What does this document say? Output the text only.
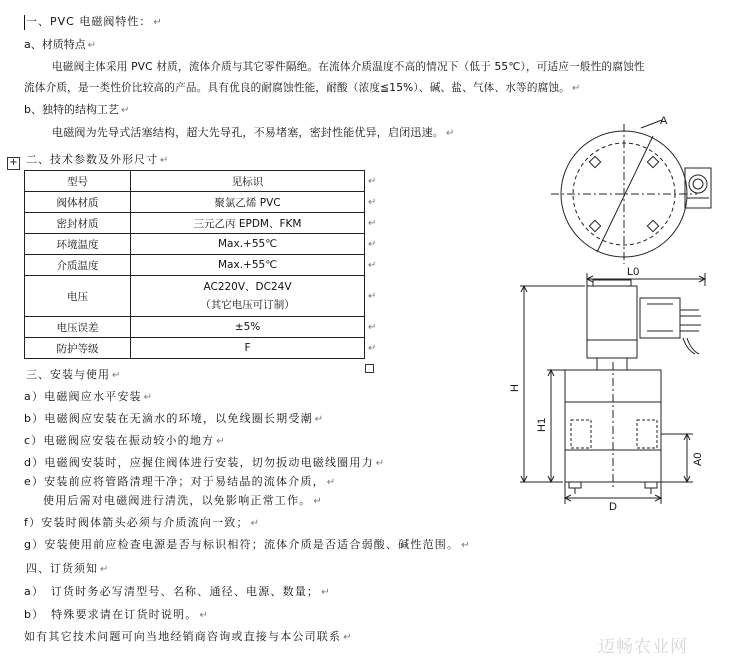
一、PVC 电磁阀特性： ↵
a、材质特点 ↵
电磁阀主体采用 PVC 材质，流体介质与其它零件隔绝。在流体介质温度不高的情况下（低于 55℃），可适应一般性的腐蚀性
流体介质，是一类性价比较高的产品。具有优良的耐腐蚀性能，耐酸（浓度≦15%）、碱、盐、气体、水等的腐蚀。 ↵
b、独特的结构工艺 ↵
电磁阀为先导式活塞结构，超大先导孔，不易堵塞，密封性能优异，启闭迅速。 ↵
+ 二、技术参数及外形尺寸 ↵
型号	见标识	↵
阀体材质	聚氯乙烯 PVC	↵
密封材质	三元乙丙 EPDM、FKM	↵
环境温度	Max.+55℃	↵
介质温度	Max.+55℃	↵
电压	AC220V、DC24V
（其它电压可订制）	↵
电压误差	±5%	↵
防护等级	F	↵
三、安装与使用 ↵
a）电磁阀应水平安装 ↵
b）电磁阀应安装在无滴水的环境，以免线圈长期受潮 ↵
c）电磁阀应安装在振动较小的地方 ↵
d）电磁阀安装时，应握住阀体进行安装，切勿扳动电磁线圈用力 ↵
e）安装前应将管路清理干净；对于易结晶的流体介质， ↵
使用后需对电磁阀进行清洗，以免影响正常工作。 ↵
f）安装时阀体箭头必须与介质流向一致； ↵
g）安装使用前应检查电源是否与标识相符；流体介质是否适合弱酸、碱性范围。 ↵
四、订货须知 ↵
a）　订货时务必写清型号、名称、通径、电源、数量； ↵
b）　特殊要求请在订货时说明。 ↵
如有其它技术问题可向当地经销商咨询或直接与本公司联系 ↵
A
L0
H
H1
A0
D
迈畅农业网
